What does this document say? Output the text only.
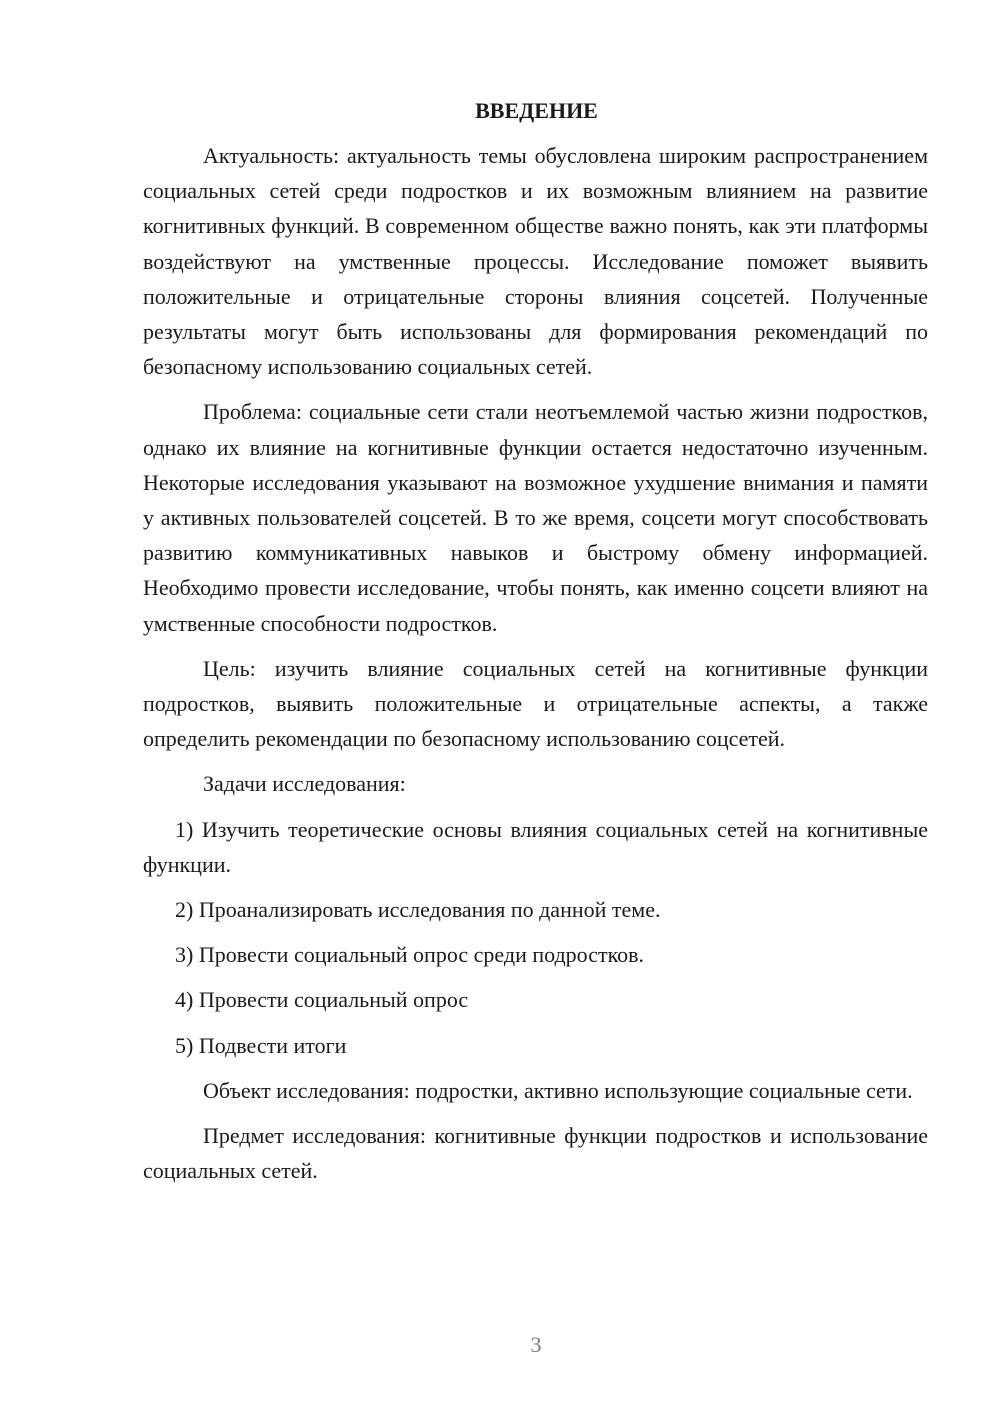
ВВЕДЕНИЕ

Актуальность: актуальность темы обусловлена широким распространением социальных сетей среди подростков и их возможным влиянием на развитие когнитивных функций. В современном обществе важно понять, как эти платформы воздействуют на умственные процессы. Исследование поможет выявить положительные и отрицательные стороны влияния соцсетей. Полученные результаты могут быть использованы для формирования рекомендаций по безопасному использованию социальных сетей.

Проблема: социальные сети стали неотъемлемой частью жизни подростков, однако их влияние на когнитивные функции остается недостаточно изученным. Некоторые исследования указывают на возможное ухудшение внимания и памяти у активных пользователей соцсетей. В то же время, соцсети могут способствовать развитию коммуникативных навыков и быстрому обмену информацией. Необходимо провести исследование, чтобы понять, как именно соцсети влияют на умственные способности подростков.

Цель: изучить влияние социальных сетей на когнитивные функции подростков, выявить положительные и отрицательные аспекты, а также определить рекомендации по безопасному использованию соцсетей.

Задачи исследования:

1) Изучить теоретические основы влияния социальных сетей на когнитивные функции.

2) Проанализировать исследования по данной теме.

3) Провести социальный опрос среди подростков.

4) Провести социальный опрос

5) Подвести итоги

Объект исследования: подростки, активно использующие социальные сети.

Предмет исследования: когнитивные функции подростков и использование социальных сетей.

3
